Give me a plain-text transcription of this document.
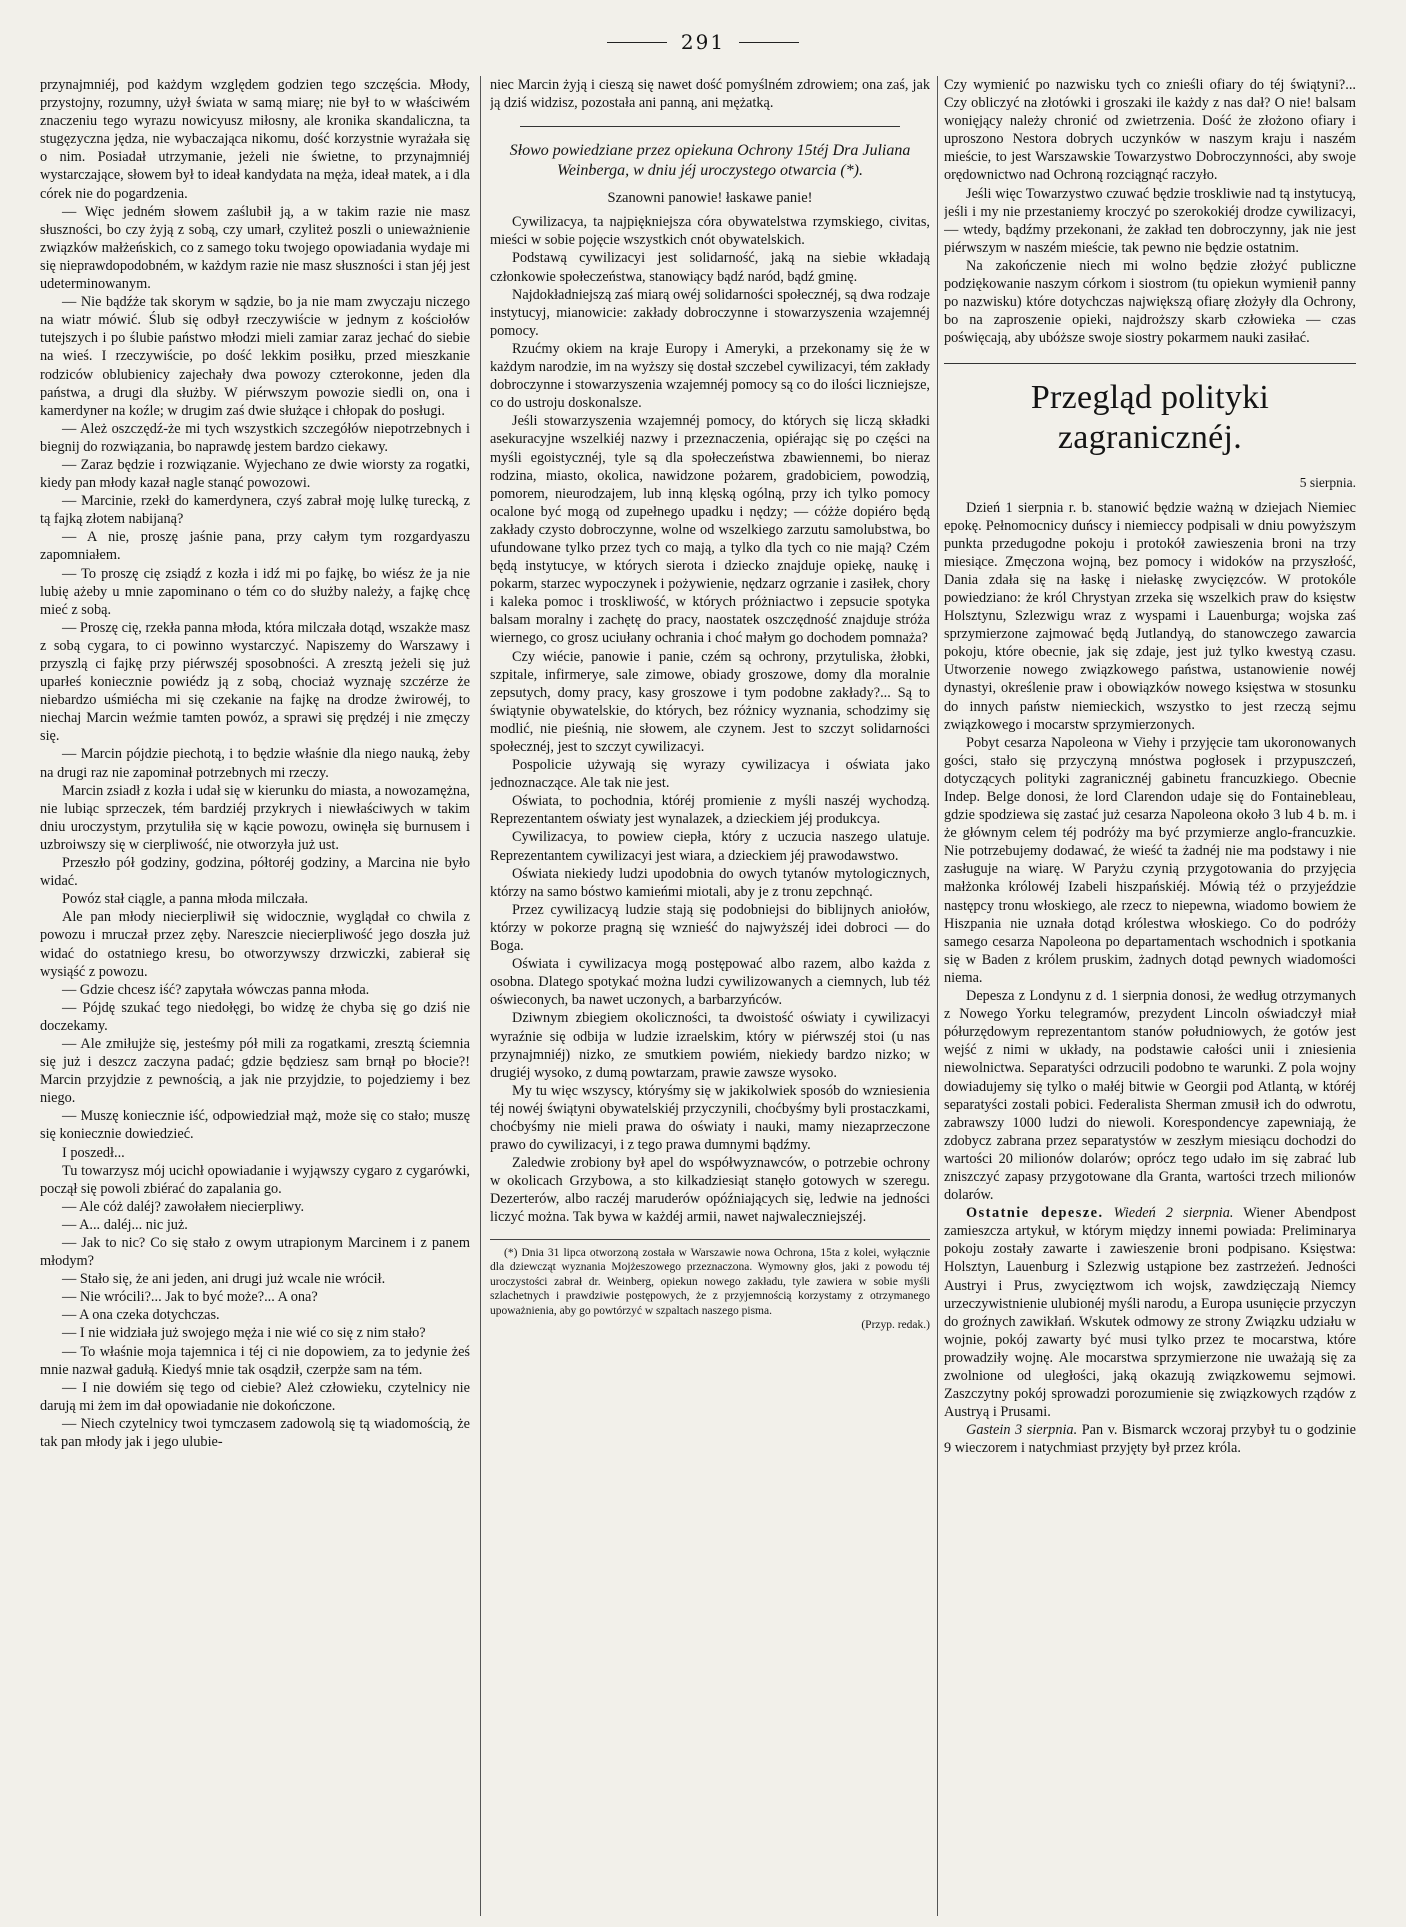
291

przynajmniéj, pod każdym względem godzien tego szczęścia. Młody, przystojny, rozumny, użył świata w samą miarę; nie był to w właściwém znaczeniu tego wyrazu nowicyusz miłosny, ale kronika skandaliczna, ta stugęzyczna jędza, nie wybaczająca nikomu, dość korzystnie wyrażała się o nim. Posiadał utrzymanie, jeżeli nie świetne, to przynajmniéj wystarczające, słowem był to ideał kandydata na męża, ideał matek, a i dla córek nie do pogardzenia.

— Więc jedném słowem zaślubił ją, a w takim razie nie masz słuszności, bo czy żyją z sobą, czy umarł, czyliteż poszli o unieważnienie związków małżeńskich, co z samego toku twojego opowiadania wydaje mi się nieprawdopodobném, w każdym razie nie masz słuszności i stan jéj jest udeterminowanym.

— Nie bądźże tak skorym w sądzie, bo ja nie mam zwyczaju niczego na wiatr mówić. Ślub się odbył rzeczywiście w jednym z kościołów tutejszych i po ślubie państwo młodzi mieli zamiar zaraz jechać do siebie na wieś. I rzeczywiście, po dość lekkim posiłku, przed mieszkanie rodziców oblubienicy zajechały dwa powozy czterokonne, jeden dla państwa, a drugi dla służby. W piérwszym powozie siedli on, ona i kamerdyner na koźle; w drugim zaś dwie służące i chłopak do posługi.

— Ależ oszczędź-że mi tych wszystkich szczegółów niepotrzebnych i biegnij do rozwiązania, bo naprawdę jestem bardzo ciekawy.

— Zaraz będzie i rozwiązanie. Wyjechano ze dwie wiorsty za rogatki, kiedy pan młody kazał nagle stanąć powozowi.

— Marcinie, rzekł do kamerdynera, czyś zabrał moję lulkę turecką, z tą fajką złotem nabijaną?

— A nie, proszę jaśnie pana, przy całym tym rozgardyaszu zapomniałem.

— To proszę cię zsiądź z kozła i idź mi po fajkę, bo wiész że ja nie lubię ażeby u mnie zapominano o tém co do służby należy, a fajkę chcę mieć z sobą.

— Proszę cię, rzekła panna młoda, która milczała dotąd, wszakże masz z sobą cygara, to ci powinno wystarczyć. Napiszemy do Warszawy i przyszlą ci fajkę przy piérwszéj sposobności. A zresztą jeżeli się już uparłeś koniecznie powiédz ją z sobą, chociaż wyznaję szczérze że niebardzo uśmiécha mi się czekanie na fajkę na drodze żwirowéj, to niechaj Marcin weźmie tamten powóz, a sprawi się prędzéj i nie zmęczy się.

— Marcin pójdzie piechotą, i to będzie właśnie dla niego nauką, żeby na drugi raz nie zapominał potrzebnych mi rzeczy.

Marcin zsiadł z kozła i udał się w kierunku do miasta, a nowozamężna, nie lubiąc sprzeczek, tém bardziéj przykrych i niewłaściwych w takim dniu uroczystym, przytuliła się w kącie powozu, owinęła się burnusem i uzbroiwszy się w cierpliwość, nie otworzyła już ust.

Przeszło pół godziny, godzina, półtoréj godziny, a Marcina nie było widać.

Powóz stał ciągle, a panna młoda milczała.

Ale pan młody niecierpliwił się widocznie, wyglądał co chwila z powozu i mruczał przez zęby. Nareszcie niecierpliwość jego doszła już widać do ostatniego kresu, bo otworzywszy drzwiczki, zabierał się wysiąść z powozu.

— Gdzie chcesz iść? zapytała wówczas panna młoda.

— Pójdę szukać tego niedołęgi, bo widzę że chyba się go dziś nie doczekamy.

— Ale zmiłujże się, jesteśmy pół mili za rogatkami, zresztą ściemnia się już i deszcz zaczyna padać; gdzie będziesz sam brnął po błocie?! Marcin przyjdzie z pewnością, a jak nie przyjdzie, to pojedziemy i bez niego.

— Muszę koniecznie iść, odpowiedział mąż, może się co stało; muszę się koniecznie dowiedzieć.

I poszedł...

Tu towarzysz mój ucichł opowiadanie i wyjąwszy cygaro z cygarówki, począł się powoli zbiérać do zapalania go.

— Ale cóż daléj? zawołałem niecierpliwy.

— A... daléj... nic już.

— Jak to nic? Co się stało z owym utrapionym Marcinem i z panem młodym?

— Stało się, że ani jeden, ani drugi już wcale nie wrócił.

— Nie wrócili?... Jak to być może?... A ona?

— A ona czeka dotychczas.

— I nie widziała już swojego męża i nie wié co się z nim stało?

— To właśnie moja tajemnica i téj ci nie dopowiem, za to jedynie żeś mnie nazwał gadułą. Kiedyś mnie tak osądził, czerpże sam na tém.

— I nie dowiém się tego od ciebie? Ależ człowieku, czytelnicy nie darują mi żem im dał opowiadanie nie dokończone.

— Niech czytelnicy twoi tymczasem zadowolą się tą wiadomością, że tak pan młody jak i jego ulubie-

niec Marcin żyją i cieszą się nawet dość pomyślném zdrowiem; ona zaś, jak ją dziś widzisz, pozostała ani panną, ani mężatką.

Słowo powiedziane przez opiekuna Ochrony 15téj Dra Juliana Weinberga, w dniu jéj uroczystego otwarcia (*).
Szanowni panowie! łaskawe panie!

Cywilizacya, ta najpiękniejsza córa obywatelstwa rzymskiego, civitas, mieści w sobie pojęcie wszystkich cnót obywatelskich.

Podstawą cywilizacyi jest solidarność, jaką na siebie wkładają członkowie społeczeństwa, stanowiący bądź naród, bądź gminę.

Najdokładniejszą zaś miarą owéj solidarności społecznéj, są dwa rodzaje instytucyj, mianowicie: zakłady dobroczynne i stowarzyszenia wzajemnéj pomocy.

Rzućmy okiem na kraje Europy i Ameryki, a przekonamy się że w każdym narodzie, im na wyższy się dostał szczebel cywilizacyi, tém zakłady dobroczynne i stowarzyszenia wzajemnéj pomocy są co do ilości liczniejsze, co do ustroju doskonalsze.

Jeśli stowarzyszenia wzajemnéj pomocy, do których się liczą składki asekuracyjne wszelkiéj nazwy i przeznaczenia, opiérając się po części na myśli egoistycznéj, tyle są dla społeczeństwa zbawiennemi, bo nieraz rodzina, miasto, okolica, nawidzone pożarem, gradobiciem, powodzią, pomorem, nieurodzajem, lub inną klęską ogólną, przy ich tylko pomocy ocalone być mogą od zupełnego upadku i nędzy; — cóżże dopiéro będą zakłady czysto dobroczynne, wolne od wszelkiego zarzutu samolubstwa, bo ufundowane tylko przez tych co mają, a tylko dla tych co nie mają? Czém będą instytucye, w których sierota i dziecko znajduje opiekę, naukę i pokarm, starzec wypoczynek i pożywienie, nędzarz ogrzanie i zasiłek, chory i kaleka pomoc i troskliwość, w których próżniactwo i zepsucie spotyka balsam moralny i zachętę do pracy, naostatek oszczędność znajduje stróża wiernego, co grosz uciułany ochrania i choć małym go dochodem pomnaża?

Czy wiécie, panowie i panie, czém są ochrony, przytuliska, żłobki, szpitale, infirmerye, sale zimowe, obiady groszowe, domy dla moralnie zepsutych, domy pracy, kasy groszowe i tym podobne zakłady?... Są to świątynie obywatelskie, do których, bez różnicy wyznania, schodzimy się modlić, nie pieśnią, nie słowem, ale czynem. Jest to szczyt solidarności społecznéj, jest to szczyt cywilizacyi.

Pospolicie używają się wyrazy cywilizacya i oświata jako jednoznaczące. Ale tak nie jest.

Oświata, to pochodnia, któréj promienie z myśli naszéj wychodzą. Reprezentantem oświaty jest wynalazek, a dzieckiem jéj produkcya.

Cywilizacya, to powiew ciepła, który z uczucia naszego ulatuje. Reprezentantem cywilizacyi jest wiara, a dzieckiem jéj prawodawstwo.

Oświata niekiedy ludzi upodobnia do owych tytanów mytologicznych, którzy na samo bóstwo kamieńmi miotali, aby je z tronu zepchnąć.

Przez cywilizacyą ludzie stają się podobniejsi do biblijnych aniołów, którzy w pokorze pragną się wznieść do najwyższéj idei dobroci — do Boga.

Oświata i cywilizacya mogą postępować albo razem, albo każda z osobna. Dlatego spotykać można ludzi cywilizowanych a ciemnych, lub téż oświeconych, ba nawet uczonych, a barbarzyńców.

Dziwnym zbiegiem okoliczności, ta dwoistość oświaty i cywilizacyi wyraźnie się odbija w ludzie izraelskim, który w piérwszéj stoi (u nas przynajmniéj) nizko, ze smutkiem powiém, niekiedy bardzo nizko; w drugiéj wysoko, z dumą powtarzam, prawie zawsze wysoko.

My tu więc wszyscy, któryśmy się w jakikolwiek sposób do wzniesienia téj nowéj świątyni obywatelskiéj przyczynili, choćbyśmy byli prostaczkami, choćbyśmy nie mieli prawa do oświaty i nauki, mamy niezaprzeczone prawo do cywilizacyi, i z tego prawa dumnymi bądźmy.

Zaledwie zrobiony był apel do współwyznawców, o potrzebie ochrony w okolicach Grzybowa, a sto kilkadziesiąt stanęło gotowych w szeregu. Dezerterów, albo raczéj maruderów opóźniających się, ledwie na jedności liczyć można. Tak bywa w każdéj armii, nawet najwaleczniejszéj.

(*) Dnia 31 lipca otworzoną została w Warszawie nowa Ochrona, 15ta z kolei, wyłącznie dla dziewcząt wyznania Mojżeszowego przeznaczona. Wymowny głos, jaki z powodu téj uroczystości zabrał dr. Weinberg, opiekun nowego zakładu, tyle zawiera w sobie myśli szlachetnych i prawdziwie postępowych, że z przyjemnością korzystamy z otrzymanego upoważnienia, aby go powtórzyć w szpaltach naszego pisma.

(Przyp. redak.)

Czy wymienić po nazwisku tych co znieśli ofiary do téj świątyni?... Czy obliczyć na złotówki i groszaki ile każdy z nas dał? O nie! balsam wonięjący należy chronić od zwietrzenia. Dość że złożono ofiary i uproszono Nestora dobrych uczynków w naszym kraju i naszém mieście, to jest Warszawskie Towarzystwo Dobroczynności, aby swoje orędownictwo nad Ochroną rozciągnąć raczyło.

Jeśli więc Towarzystwo czuwać będzie troskliwie nad tą instytucyą, jeśli i my nie przestaniemy kroczyć po szerokokiéj drodze cywilizacyi, — wtedy, bądźmy przekonani, że zakład ten dobroczynny, jak nie jest piérwszym w naszém mieście, tak pewno nie będzie ostatnim.

Na zakończenie niech mi wolno będzie złożyć publiczne podziękowanie naszym córkom i siostrom (tu opiekun wymienił panny po nazwisku) które dotychczas największą ofiarę złożyły dla Ochrony, bo na zaproszenie opieki, najdroższy skarb człowieka — czas poświęcają, aby ubóższe swoje siostry pokarmem nauki zasiłać.

Przegląd polityki zagranicznéj.
5 sierpnia.

Dzień 1 sierpnia r. b. stanowić będzie ważną w dziejach Niemiec epokę. Pełnomocnicy duńscy i niemieccy podpisali w dniu powyższym punkta przedugodne pokoju i protokół zawieszenia broni na trzy miesiące. Zmęczona wojną, bez pomocy i widoków na przyszłość, Dania zdała się na łaskę i niełaskę zwycięzców. W protokóle powiedziano: że król Chrystyan zrzeka się wszelkich praw do księstw Holsztynu, Szlezwigu wraz z wyspami i Lauenburga; wojska zaś sprzymierzone zajmować będą Jutlandyą, do stanowczego zawarcia pokoju, które obecnie, jak się zdaje, jest już tylko kwestyą czasu. Utworzenie nowego związkowego państwa, ustanowienie nowéj dynastyi, określenie praw i obowiązków nowego księstwa w stosunku do innych państw niemieckich, wszystko to jest rzeczą sejmu związkowego i mocarstw sprzymierzonych.

Pobyt cesarza Napoleona w Viehy i przyjęcie tam ukoronowanych gości, stało się przyczyną mnóstwa pogłosek i przypuszczeń, dotyczących polityki zagranicznéj gabinetu francuzkiego. Obecnie Indep. Belge donosi, że lord Clarendon udaje się do Fontainebleau, gdzie spodziewa się zastać już cesarza Napoleona około 3 lub 4 b. m. i że głównym celem téj podróży ma być przymierze anglo-francuzkie. Nie potrzebujemy dodawać, że wieść ta żadnéj nie ma podstawy i nie zasługuje na wiarę. W Paryżu czynią przygotowania do przyjęcia małżonka królowéj Izabeli hiszpańskiéj. Mówią téż o przyjeździe następcy tronu włoskiego, ale rzecz to niepewna, wiadomo bowiem że Hiszpania nie uznała dotąd królestwa włoskiego. Co do podróży samego cesarza Napoleona po departamentach wschodnich i spotkania się w Baden z królem pruskim, żadnych dotąd pewnych wiadomości niema.

Depesza z Londynu z d. 1 sierpnia donosi, że według otrzymanych z Nowego Yorku telegramów, prezydent Lincoln oświadczył miał półurzędowym reprezentantom stanów południowych, że gotów jest wejść z nimi w układy, na podstawie całości unii i zniesienia niewolnictwa. Separatyści odrzucili podobno te warunki. Z pola wojny dowiadujemy się tylko o małéj bitwie w Georgii pod Atlantą, w któréj separatyści zostali pobici. Federalista Sherman zmusił ich do odwrotu, zabrawszy 1000 ludzi do niewoli. Korespondencye zapewniają, że zdobycz zabrana przez separatystów w zeszłym miesiącu dochodzi do wartości 20 milionów dolarów; oprócz tego udało im się zabrać lub zniszczyć zapasy przygotowane dla Granta, wartości trzech milionów dolarów.

Ostatnie depesze. Wiedeń 2 sierpnia. Wiener Abendpost zamieszcza artykuł, w którym między innemi powiada: Preliminarya pokoju zostały zawarte i zawieszenie broni podpisano. Księstwa: Holsztyn, Lauenburg i Szlezwig ustąpione bez zastrzeżeń. Jedności Austryi i Prus, zwycięztwom ich wojsk, zawdzięczają Niemcy urzeczywistnienie ulubionéj myśli narodu, a Europa usunięcie przyczyn do groźnych zawikłań. Wskutek odmowy ze strony Związku udziału w wojnie, pokój zawarty być musi tylko przez te mocarstwa, które prowadziły wojnę. Ale mocarstwa sprzymierzone nie uważają się za zwolnione od uległości, jaką okazują związkowemu sejmowi. Zaszczytny pokój sprowadzi porozumienie się związkowych rządów z Austryą i Prusami.

Gastein 3 sierpnia. Pan v. Bismarck wczoraj przybył tu o godzinie 9 wieczorem i natychmiast przyjęty był przez króla.
